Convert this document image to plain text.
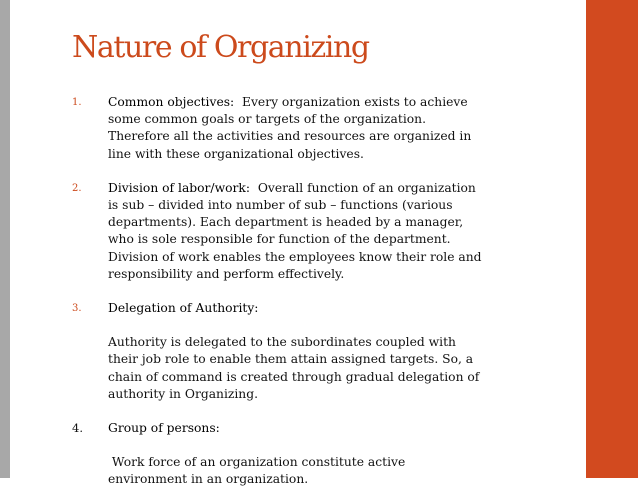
Nature of Organizing
1. Common objectives: Every organization exists to achieve

some common goals or targets of the organization.

Therefore all the activities and resources are organized in

line with these organizational objectives.

2. Division of labor/work: Overall function of an organization

is sub – divided into number of sub – functions (various

departments). Each department is headed by a manager,

who is sole responsible for function of the department.

Division of work enables the employees know their role and

responsibility and perform effectively.

3. Delegation of Authority:

Authority is delegated to the subordinates coupled with

their job role to enable them attain assigned targets. So, a

chain of command is created through gradual delegation of

authority in Organizing.

4. Group of persons:

Work force of an organization constitute active

environment in an organization.
